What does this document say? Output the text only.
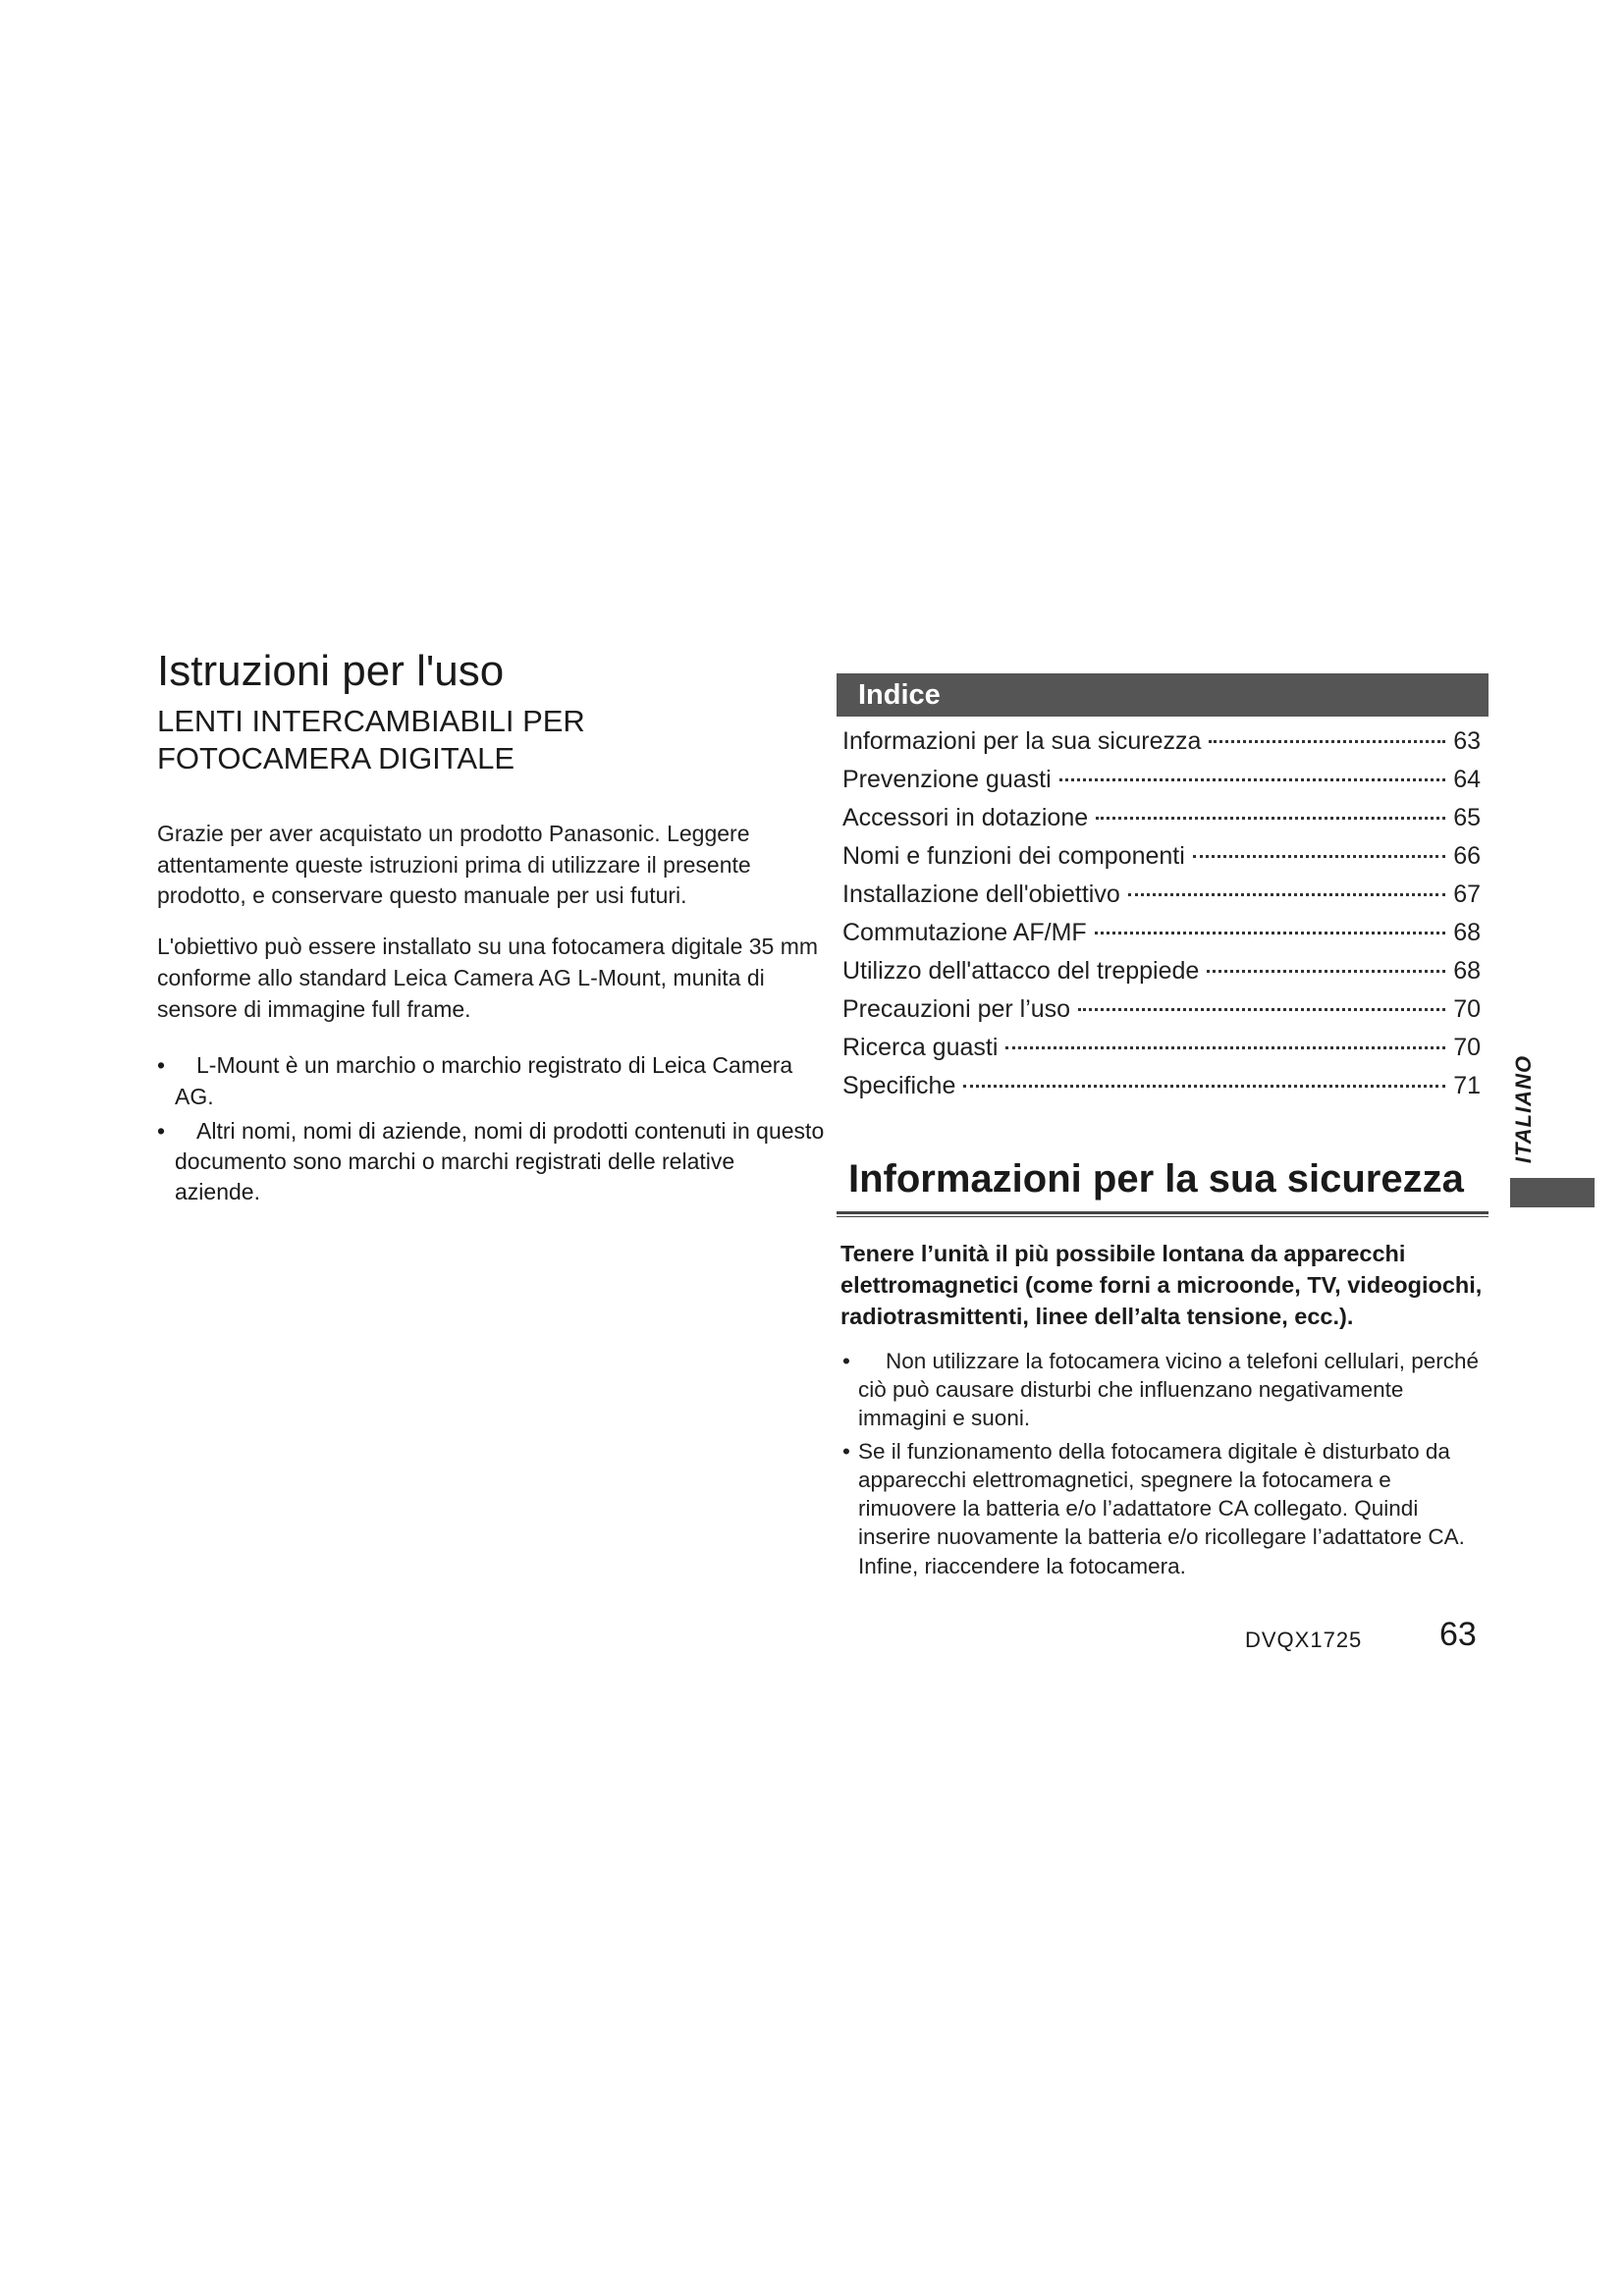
Istruzioni per l'uso
LENTI INTERCAMBIABILI PER FOTOCAMERA DIGITALE

Grazie per aver acquistato un prodotto Panasonic. Leggere attentamente queste istruzioni prima di utilizzare il presente prodotto, e conservare questo manuale per usi futuri.

L'obiettivo può essere installato su una fotocamera digitale 35 mm conforme allo standard Leica Camera AG L-Mount, munita di sensore di immagine full frame.

•	L-Mount è un marchio o marchio registrato di Leica Camera AG.
•	Altri nomi, nomi di aziende, nomi di prodotti contenuti in questo documento sono marchi o marchi registrati delle relative aziende.
Indice
Informazioni per la sua sicurezza	63
Prevenzione guasti	64
Accessori in dotazione	65
Nomi e funzioni dei componenti	66
Installazione dell'obiettivo	67
Commutazione AF/MF	68
Utilizzo dell'attacco del treppiede	68
Precauzioni per l’uso	70
Ricerca guasti	70
Specifiche	71
Informazioni per la sua sicurezza

Tenere l’unità il più possibile lontana da apparecchi elettromagnetici (come forni a microonde, TV, videogiochi, radiotrasmittenti, linee dell’alta tensione, ecc.).

•	Non utilizzare la fotocamera vicino a telefoni cellulari, perché ciò può causare disturbi che influenzano negativamente immagini e suoni.
• Se il funzionamento della fotocamera digitale è disturbato da apparecchi elettromagnetici, spegnere la fotocamera e rimuovere la batteria e/o l’adattatore CA collegato. Quindi inserire nuovamente la batteria e/o ricollegare l’adattatore CA. Infine, riaccendere la fotocamera.
ITALIANO
DVQX1725 63
